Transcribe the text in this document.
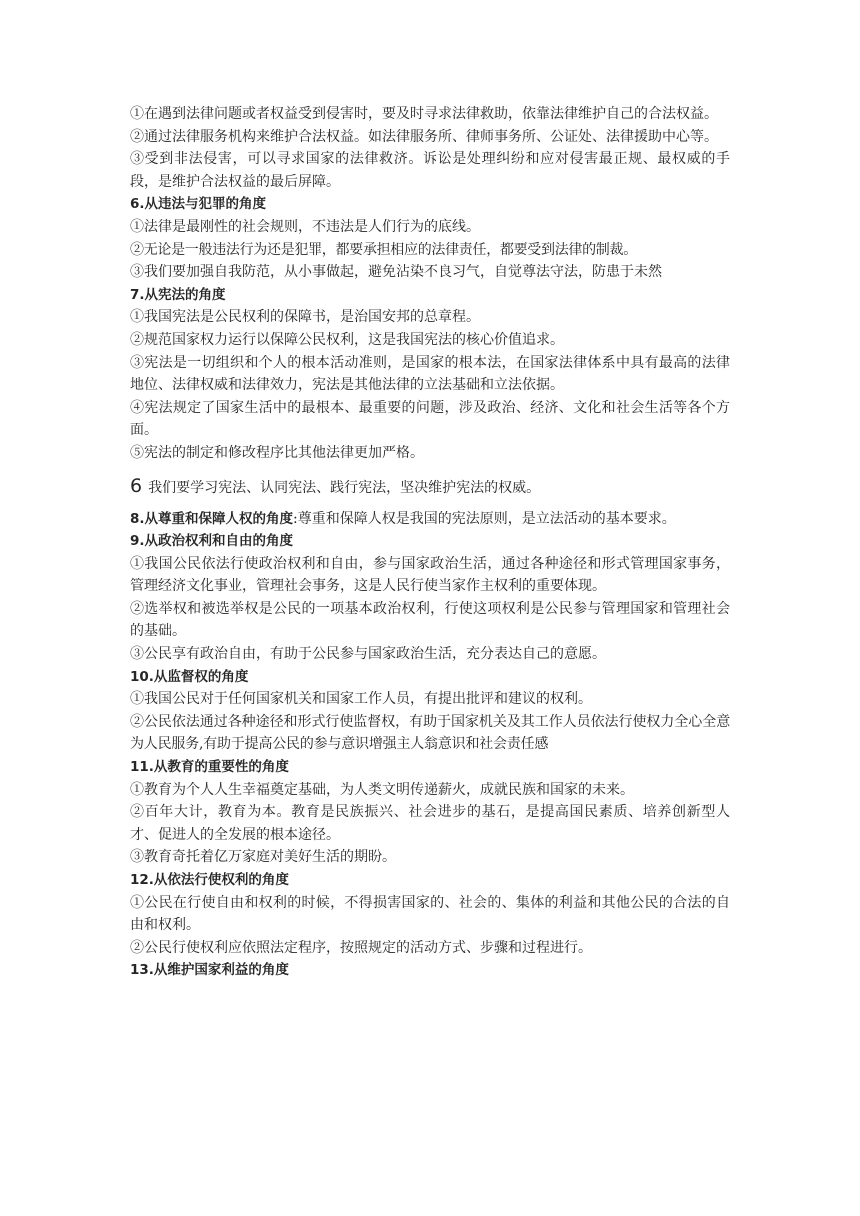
①在遇到法律问题或者权益受到侵害时，要及时寻求法律救助，依靠法律维护自己的合法权益。

②通过法律服务机构来维护合法权益。如法律服务所、律师事务所、公证处、法律援助中心等。

③受到非法侵害，可以寻求国家的法律救济。诉讼是处理纠纷和应对侵害最正规、最权威的手段，是维护合法权益的最后屏障。

6.从违法与犯罪的角度

①法律是最刚性的社会规则，不违法是人们行为的底线。

②无论是一般违法行为还是犯罪，都要承担相应的法律责任，都要受到法律的制裁。

③我们要加强自我防范，从小事做起，避免沾染不良习气，自觉尊法守法，防患于未然

7.从宪法的角度

①我国宪法是公民权利的保障书，是治国安邦的总章程。

②规范国家权力运行以保障公民权利，这是我国宪法的核心价值追求。

③宪法是一切组织和个人的根本活动准则，是国家的根本法，在国家法律体系中具有最高的法律地位、法律权威和法律效力，宪法是其他法律的立法基础和立法依据。

④宪法规定了国家生活中的最根本、最重要的问题，涉及政治、经济、文化和社会生活等各个方面。

⑤宪法的制定和修改程序比其他法律更加严格。

6 我们要学习宪法、认同宪法、践行宪法，坚决维护宪法的权威。

8.从尊重和保障人权的角度:尊重和保障人权是我国的宪法原则，是立法活动的基本要求。

9.从政治权利和自由的角度

①我国公民依法行使政治权利和自由，参与国家政治生活，通过各种途径和形式管理国家事务，管理经济文化事业，管理社会事务，这是人民行使当家作主权利的重要体现。

②选举权和被选举权是公民的一项基本政治权利，行使这项权利是公民参与管理国家和管理社会的基础。

③公民享有政治自由，有助于公民参与国家政治生活，充分表达自己的意愿。

10.从监督权的角度

①我国公民对于任何国家机关和国家工作人员，有提出批评和建议的权利。

②公民依法通过各种途径和形式行使监督权，有助于国家机关及其工作人员依法行使权力全心全意为人民服务,有助于提高公民的参与意识增强主人翁意识和社会责任感

11.从教育的重要性的角度

①教育为个人人生幸福奠定基础，为人类文明传递薪火，成就民族和国家的未来。

②百年大计，教育为本。教育是民族振兴、社会进步的基石，是提高国民素质、培养创新型人才、促进人的全发展的根本途径。

③教育奇托着亿万家庭对美好生活的期盼。

12.从依法行使权利的角度

①公民在行使自由和权利的时候，不得损害国家的、社会的、集体的利益和其他公民的合法的自由和权利。

②公民行使权利应依照法定程序，按照规定的活动方式、步骤和过程进行。

13.从维护国家利益的角度
